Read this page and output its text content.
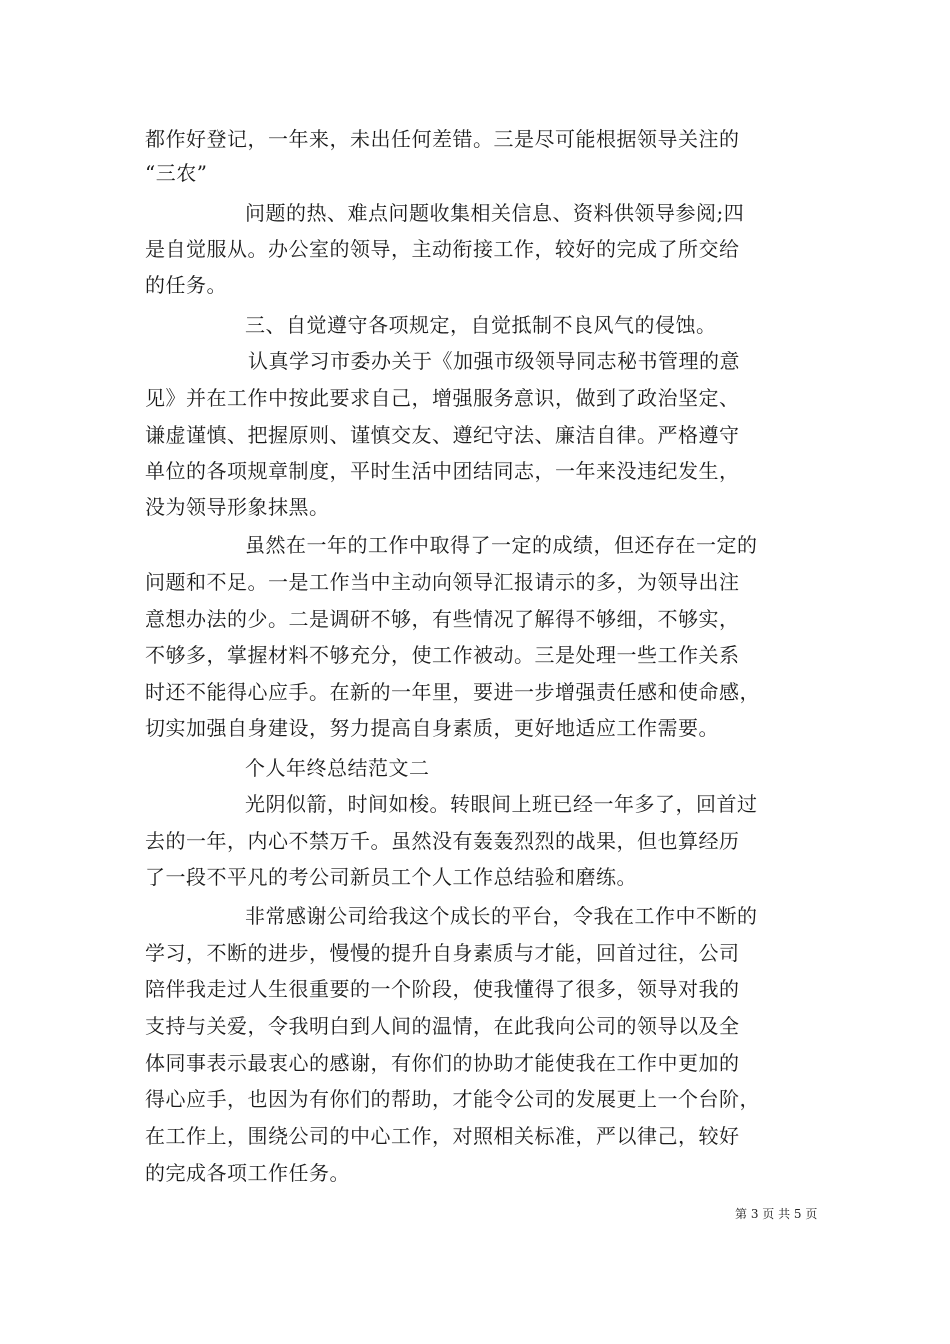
都作好登记，一年来，未出任何差错。三是尽可能根据领导关注的
“三农”
问题的热、难点问题收集相关信息、资料供领导参阅;四
是自觉服从。办公室的领导，主动衔接工作，较好的完成了所交给
的任务。
三、自觉遵守各项规定，自觉抵制不良风气的侵蚀。
认真学习市委办关于《加强市级领导同志秘书管理的意
见》并在工作中按此要求自己，增强服务意识，做到了政治坚定、
谦虚谨慎、把握原则、谨慎交友、遵纪守法、廉洁自律。严格遵守
单位的各项规章制度，平时生活中团结同志，一年来没违纪发生，
没为领导形象抹黑。
虽然在一年的工作中取得了一定的成绩，但还存在一定的
问题和不足。一是工作当中主动向领导汇报请示的多，为领导出注
意想办法的少。二是调研不够，有些情况了解得不够细，不够实，
不够多，掌握材料不够充分，使工作被动。三是处理一些工作关系
时还不能得心应手。在新的一年里，要进一步增强责任感和使命感，
切实加强自身建设，努力提高自身素质，更好地适应工作需要。
个人年终总结范文二
光阴似箭，时间如梭。转眼间上班已经一年多了，回首过
去的一年，内心不禁万千。虽然没有轰轰烈烈的战果，但也算经历
了一段不平凡的考公司新员工个人工作总结验和磨练。
非常感谢公司给我这个成长的平台，令我在工作中不断的
学习，不断的进步，慢慢的提升自身素质与才能，回首过往，公司
陪伴我走过人生很重要的一个阶段，使我懂得了很多，领导对我的
支持与关爱，令我明白到人间的温情，在此我向公司的领导以及全
体同事表示最衷心的感谢，有你们的协助才能使我在工作中更加的
得心应手，也因为有你们的帮助，才能令公司的发展更上一个台阶，
在工作上，围绕公司的中心工作，对照相关标准，严以律己，较好
的完成各项工作任务。
第 3 页 共 5 页
